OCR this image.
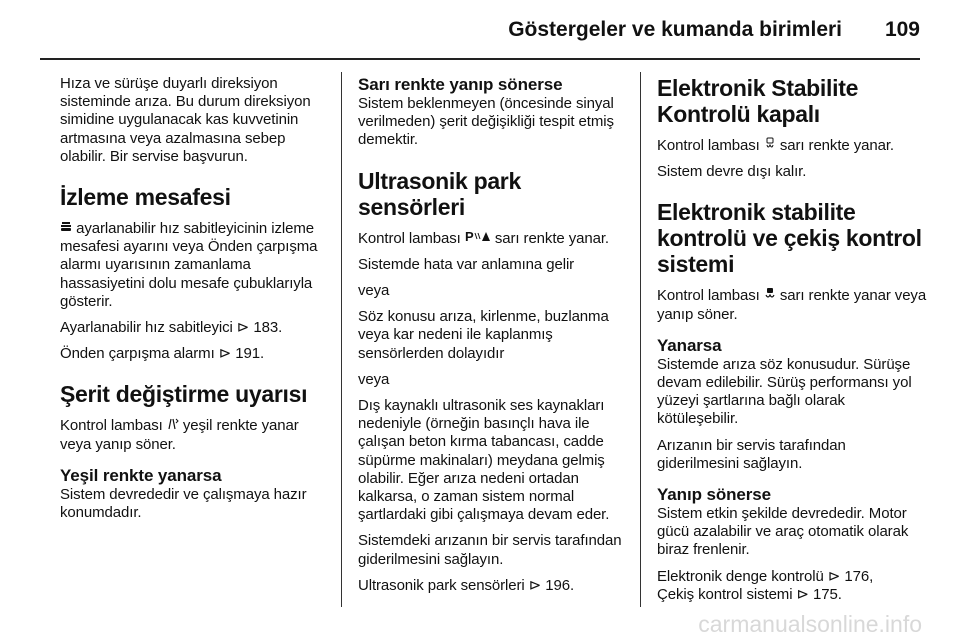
Göstergeler ve kumanda birimleri 109

Hıza ve sürüşe duyarlı direksiyon sisteminde arıza. Bu durum direksiyon simidine uygulanacak kas kuvvetinin artmasına veya azalmasına sebep olabilir. Bir servise başvurun.

İzleme mesafesi

ayarlanabilir hız sabitleyicinin izleme mesafesi ayarını veya Önden çarpışma alarmı uyarısının zamanlama hassasiyetini dolu mesafe çubuklarıyla gösterir.

Ayarlanabilir hız sabitleyici ⊳ 183.

Önden çarpışma alarmı ⊳ 191.

Şerit değiştirme uyarısı

Kontrol lambası yeşil renkte yanar veya yanıp söner.

Yeşil renkte yanarsa

Sistem devrededir ve çalışmaya hazır konumdadır.

Sarı renkte yanıp sönerse

Sistem beklenmeyen (öncesinde sinyal verilmeden) şerit değişikliği tespit etmiş demektir.

Ultrasonik park sensörleri

Kontrol lambası P sarı renkte yanar.

Sistemde hata var anlamına gelir

veya

Söz konusu arıza, kirlenme, buzlanma veya kar nedeni ile kaplanmış sensörlerden dolayıdır

veya

Dış kaynaklı ultrasonik ses kaynakları nedeniyle (örneğin basınçlı hava ile çalışan beton kırma tabancası, cadde süpürme makinaları) meydana gelmiş olabilir. Eğer arıza nedeni ortadan kalkarsa, o zaman sistem normal şartlardaki gibi çalışmaya devam eder.

Sistemdeki arızanın bir servis tarafından giderilmesini sağlayın.

Ultrasonik park sensörleri ⊳ 196.

Elektronik Stabilite Kontrolü kapalı

Kontrol lambası sarı renkte yanar.

Sistem devre dışı kalır.

Elektronik stabilite kontrolü ve çekiş kontrol sistemi

Kontrol lambası sarı renkte yanar veya yanıp söner.

Yanarsa

Sistemde arıza söz konusudur. Sürüşe devam edilebilir. Sürüş performansı yol yüzeyi şartlarına bağlı olarak kötüleşebilir.

Arızanın bir servis tarafından giderilmesini sağlayın.

Yanıp sönerse

Sistem etkin şekilde devrededir. Motor gücü azalabilir ve araç otomatik olarak biraz frenlenir.

Elektronik denge kontrolü ⊳ 176,

Çekiş kontrol sistemi ⊳ 175.

carmanualsonline.info
